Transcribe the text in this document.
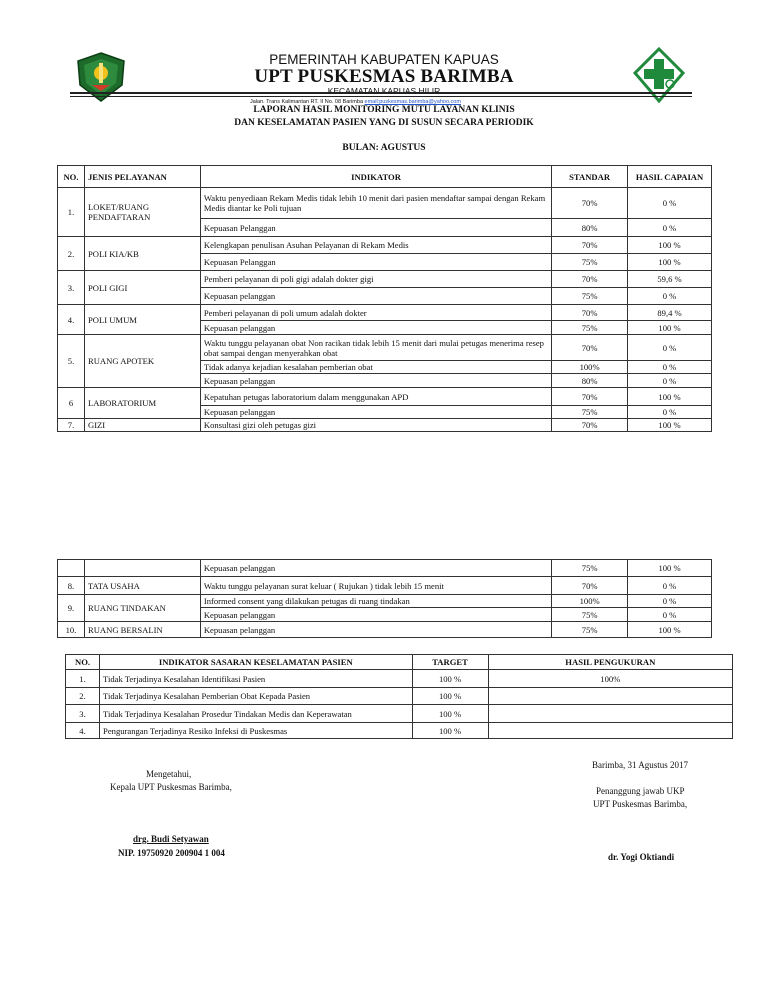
PEMERINTAH KABUPATEN KAPUAS
UPT PUSKESMAS BARIMBA
KECAMATAN KAPUAS HILIR
Jalan. Trans Kalimantan RT. II No. 08 Barimba email:puskesmas.barimba@yahoo.com
LAPORAN HASIL MONITORING MUTU LAYANAN KLINIS
DAN KESELAMATAN PASIEN YANG DI SUSUN SECARA PERIODIK
BULAN: AGUSTUS
NO.	JENIS PELAYANAN	INDIKATOR	STANDAR	HASIL CAPAIAN
1.	LOKET/RUANG PENDAFTARAN	Waktu penyediaan Rekam Medis tidak lebih 10 menit dari pasien mendaftar sampai dengan Rekam Medis diantar ke Poli tujuan	70%	0 %
		Kepuasan Pelanggan	80%	0 %
2.	POLI KIA/KB	Kelengkapan penulisan Asuhan Pelayanan di Rekam Medis	70%	100 %
		Kepuasan Pelanggan	75%	100 %
3.	POLI GIGI	Pemberi pelayanan di poli gigi adalah dokter gigi	70%	59,6 %
		Kepuasan pelanggan	75%	0 %
4.	POLI UMUM	Pemberi pelayanan di poli umum adalah dokter	70%	89,4 %
		Kepuasan pelanggan	75%	100 %
5.	RUANG APOTEK	Waktu tunggu pelayanan obat Non racikan tidak lebih 15 menit dari mulai petugas menerima resep obat sampai dengan menyerahkan obat	70%	0 %
		Tidak adanya kejadian kesalahan pemberian obat	100%	0 %
		Kepuasan pelanggan	80%	0 %
6	LABORATORIUM	Kepatuhan petugas laboratorium dalam menggunakan APD	70%	100 %
		Kepuasan pelanggan	75%	0 %
7.	GIZI	Konsultasi gizi oleh petugas gizi	70%	100 %
		Kepuasan pelanggan	75%	100 %
8.	TATA USAHA	Waktu tunggu pelayanan surat keluar ( Rujukan ) tidak lebih 15 menit	70%	0 %
9.	RUANG TINDAKAN	Informed consent yang dilakukan petugas di ruang tindakan	100%	0 %
		Kepuasan pelanggan	75%	0 %
10.	RUANG BERSALIN	Kepuasan pelanggan	75%	100 %
NO.	INDIKATOR SASARAN KESELAMATAN PASIEN	TARGET	HASIL PENGUKURAN
1.	Tidak Terjadinya Kesalahan Identifikasi Pasien	100 %	100%
2.	Tidak Terjadinya Kesalahan Pemberian Obat Kepada Pasien	100 %	
3.	Tidak Terjadinya Kesalahan Prosedur Tindakan Medis dan Keperawatan	100 %	
4.	Pengurangan Terjadinya Resiko Infeksi di Puskesmas	100 %	
Barimba, 31 Agustus 2017
Mengetahui,
Kepala UPT Puskesmas Barimba,	Penanggung jawab UKP
UPT Puskesmas Barimba,
drg. Budi Setyawan
NIP. 19750920 200904 1 004	dr. Yogi Oktiandi
